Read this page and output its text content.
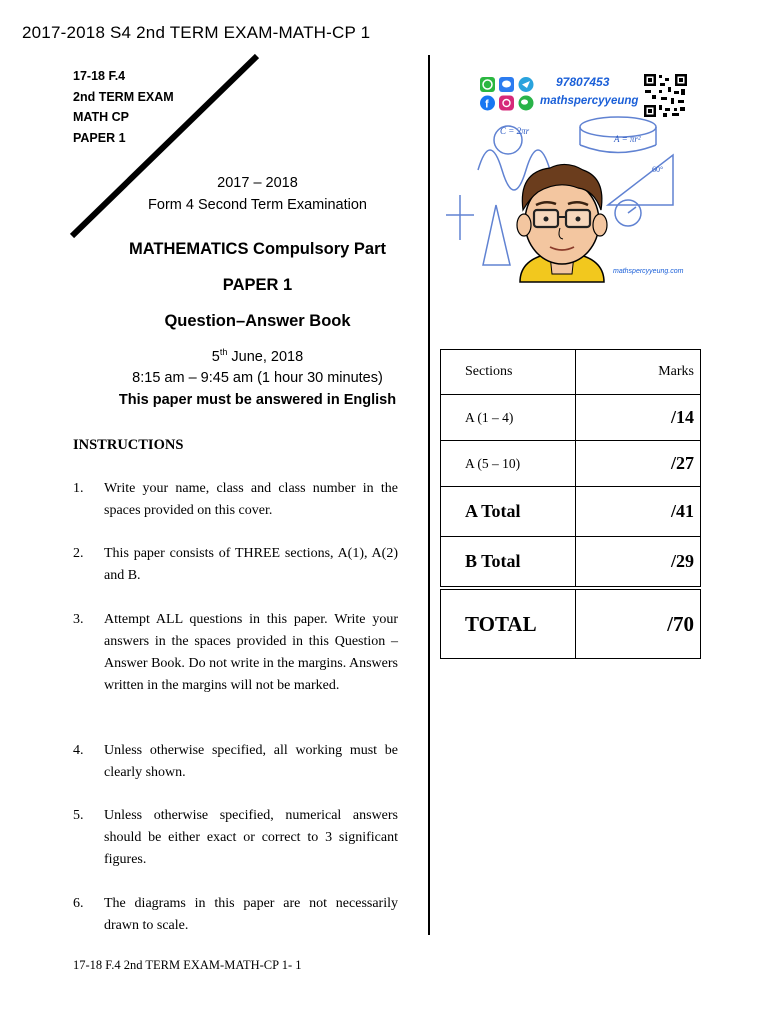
2017-2018 S4 2nd TERM EXAM-MATH-CP 1
17-18 F.4
2nd TERM EXAM
MATH CP
PAPER 1
2017 – 2018
Form 4 Second Term Examination
MATHEMATICS Compulsory Part
PAPER 1
Question–Answer Book
5th June, 2018
8:15 am – 9:45 am (1 hour 30 minutes)
This paper must be answered in English
INSTRUCTIONS
1.	Write your name, class and class number in the spaces provided on this cover.
2.	This paper consists of THREE sections, A(1), A(2) and B.
3.	Attempt ALL questions in this paper. Write your answers in the spaces provided in this Question – Answer Book. Do not write in the margins. Answers written in the margins will not be marked.
4.	Unless otherwise specified, all working must be clearly shown.
5.	Unless otherwise specified, numerical answers should be either exact or correct to 3 significant figures.
6.	The diagrams in this paper are not necessarily drawn to scale.
f
C = 2πr
A = πr²
60°
97807453
mathspercyyeung
mathspercyyeung.com
Sections	Marks
A (1 – 4)	/14
A (5 – 10)	/27
A Total	/41
B Total	/29
TOTAL	/70
17-18 F.4 2nd TERM EXAM-MATH-CP 1- 1
